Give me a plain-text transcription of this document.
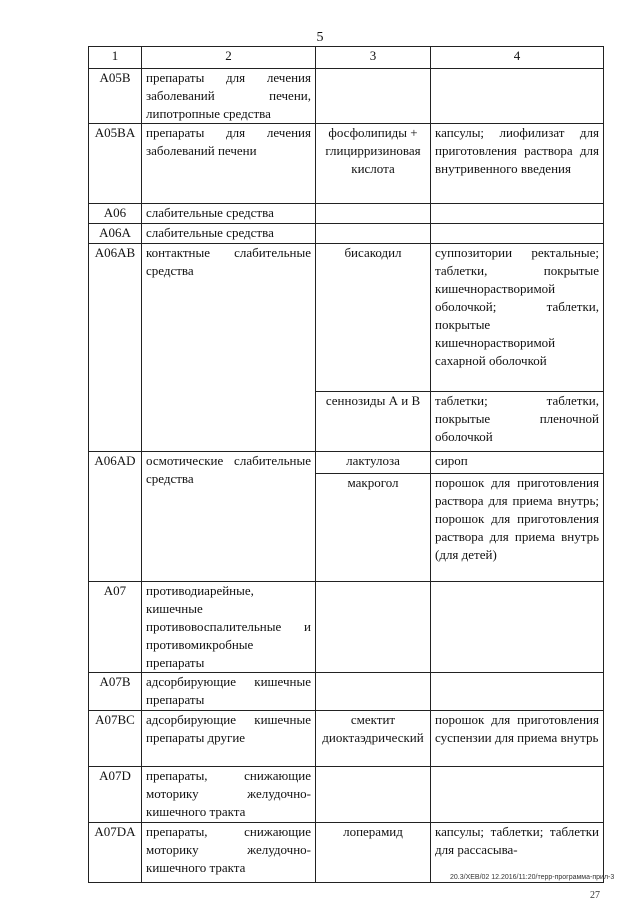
5
1	2	3	4
A05B	препараты для лечения заболеваний печени, липотропные средства		
A05BA	препараты для лечения заболеваний печени	фосфолипиды + глицирризиновая кислота	капсулы; лиофилизат для приготовления раствора для внутривенного введения
A06	слабительные средства		
A06A	слабительные средства		
A06AB	контактные слабительные средства	бисакодил	суппозитории ректальные; таблетки, покрытые кишечнорастворимой оболочкой; таблетки, покрытые кишечнорастворимой сахарной оболочкой
		сеннозиды А и В	таблетки; таблетки, покрытые пленочной оболочкой
A06AD	осмотические слабительные средства	лактулоза	сироп
		макрогол	порошок для приготовления раствора для приема внутрь; порошок для приготовления раствора для приема внутрь (для детей)
A07	противодиарейные, кишечные противовоспалительные и противомикробные препараты		
A07B	адсорбирующие кишечные препараты		
A07BC	адсорбирующие кишечные препараты другие	смектит диоктаэдрический	порошок для приготовления суспензии для приема внутрь
A07D	препараты, снижающие моторику желудочно-кишечного тракта		
A07DA	препараты, снижающие моторику желудочно-кишечного тракта	лоперамид	капсулы; таблетки; таблетки для рассасыва-
20.3/ХЕВ/02 12.2016/11:20/терр-программа-прил-3
27
